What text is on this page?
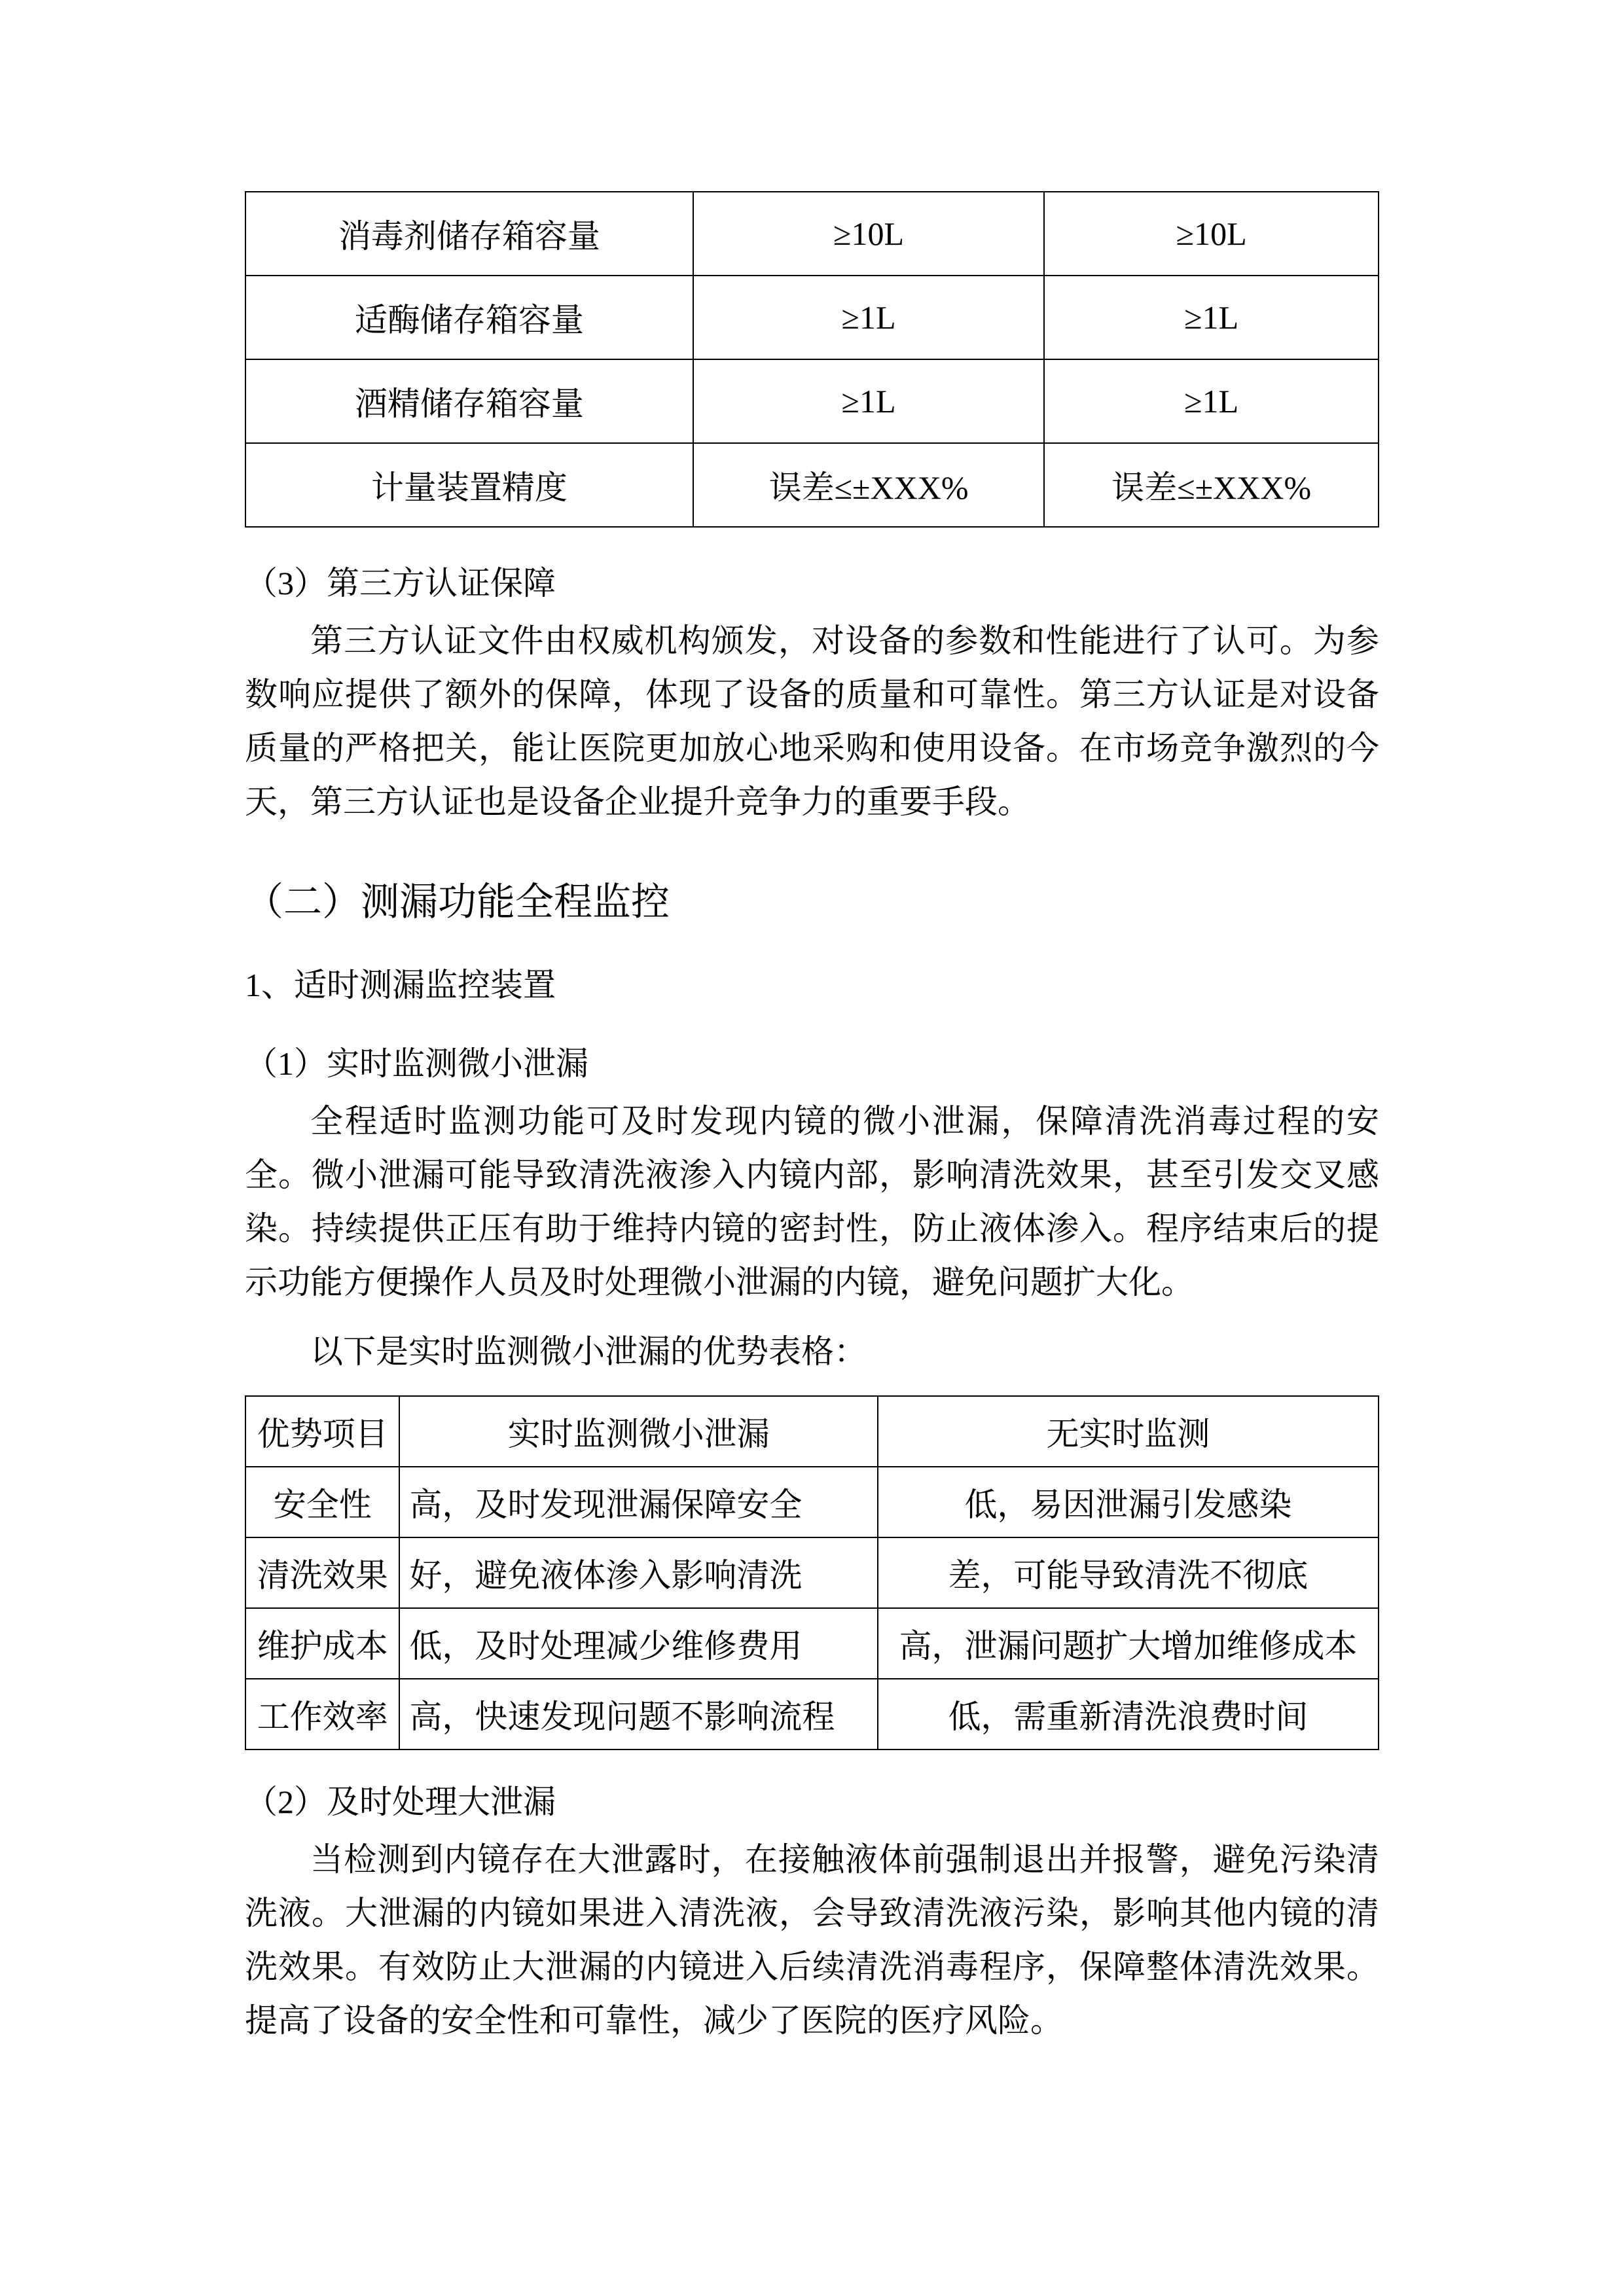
消毒剂储存箱容量	≥10L	≥10L
适酶储存箱容量	≥1L	≥1L
酒精储存箱容量	≥1L	≥1L
计量装置精度	误差≤±XXX%	误差≤±XXX%

（3）第三方认证保障

第三方认证文件由权威机构颁发，对设备的参数和性能进行了认可。为参数响应提供了额外的保障，体现了设备的质量和可靠性。第三方认证是对设备质量的严格把关，能让医院更加放心地采购和使用设备。在市场竞争激烈的今天，第三方认证也是设备企业提升竞争力的重要手段。

（二）测漏功能全程监控

1、适时测漏监控装置

（1）实时监测微小泄漏

全程适时监测功能可及时发现内镜的微小泄漏，保障清洗消毒过程的安全。微小泄漏可能导致清洗液渗入内镜内部，影响清洗效果，甚至引发交叉感染。持续提供正压有助于维持内镜的密封性，防止液体渗入。程序结束后的提示功能方便操作人员及时处理微小泄漏的内镜，避免问题扩大化。

以下是实时监测微小泄漏的优势表格：

优势项目	实时监测微小泄漏	无实时监测
安全性	高，及时发现泄漏保障安全	低，易因泄漏引发感染
清洗效果	好，避免液体渗入影响清洗	差，可能导致清洗不彻底
维护成本	低，及时处理减少维修费用	高，泄漏问题扩大增加维修成本
工作效率	高，快速发现问题不影响流程	低，需重新清洗浪费时间

（2）及时处理大泄漏

当检测到内镜存在大泄露时，在接触液体前强制退出并报警，避免污染清洗液。大泄漏的内镜如果进入清洗液，会导致清洗液污染，影响其他内镜的清洗效果。有效防止大泄漏的内镜进入后续清洗消毒程序，保障整体清洗效果。提高了设备的安全性和可靠性，减少了医院的医疗风险。
